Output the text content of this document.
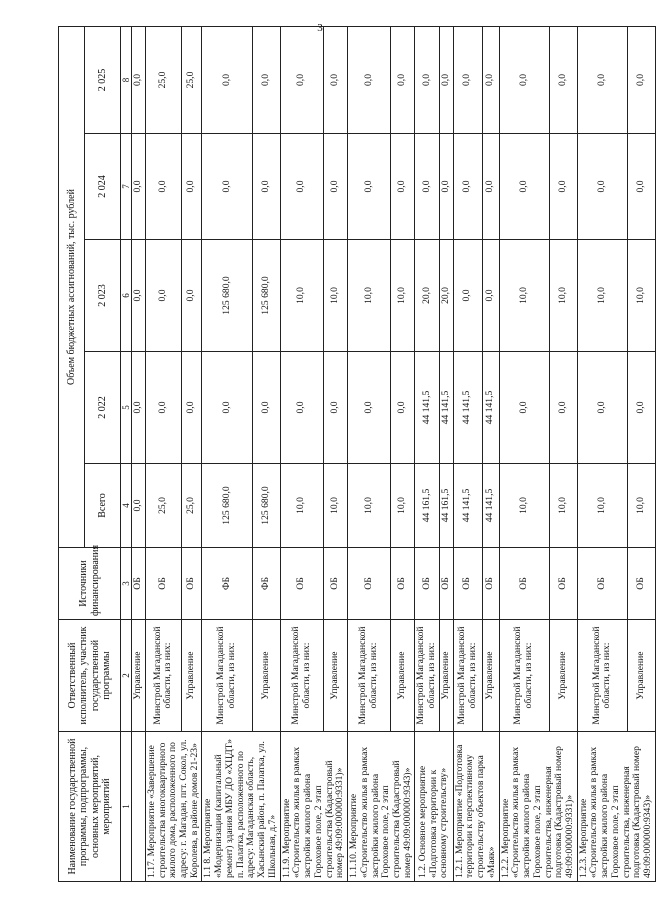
3
Наименование государственной программы, подпрограммы, основных мероприятий, мероприятий	Ответственный исполнитель, участник государственной программы	Источники финансирования	Объем бюджетных ассигнований, тыс. рублей				
			Всего	2 022	2 023	2 024	2 025
1	2	3	4	5	6	7	8
	Управление	ОБ	0,0	0,0	0,0	0,0	0,0
1.17. Мероприятие «Завершение строительства многоквартирного жилого дома, расположенного по адресу: г. Магадан, пгт. Сокол, ул. Королева, в районе домов 21-23»	Минстрой Магаданской области, из них:	ОБ	25,0	0,0	0,0	0,0	25,0
	Управление	ОБ	25,0	0,0	0,0	0,0	25,0
1.1 8. Мероприятие «Модернизация (капитальный ремонт) здания МБУ ДО «ХЦДТ» п. Палатка, расположенного по адресу: Магаданская область, Хасынский район, п. Палатка, ул. Школьная, д.7»	Минстрой Магаданской области, из них:	ФБ	125 680,0	0,0	125 680,0	0,0	0,0
	Управление	ФБ	125 680,0	0,0	125 680,0	0,0	0,0
1.1.9. Мероприятие «Строительство жилья в рамках застройки жилого района Гороховое поле, 2 этап строительства (Кадастровый номер 49:09:000000:9331)»	Минстрой Магаданской области, из них:	ОБ	10,0	0,0	10,0	0,0	0,0
	Управление	ОБ	10,0	0,0	10,0	0,0	0,0
1.1.10. Мероприятие «Строительство жилья в рамках застройки жилого района Гороховое поле, 2 этап строительства (Кадастровый номер 49:09:000000:9343)»	Минстрой Магаданской области, из них:	ОБ	10,0	0,0	10,0	0,0	0,0
	Управление	ОБ	10,0	0,0	10,0	0,0	0,0
1.2. Основное мероприятие «Подготовка территории к основному строительству»	Минстрой Магаданской области, из них:	ОБ	44 161,5	44 141,5	20,0	0,0	0,0
	Управление	ОБ	44 161,5	44 141,5	20,0	0,0	0,0
1.2.1. Мероприятие «Подготовка территории к перспективному строительству объектов парка «Маяк»	Минстрой Магаданской области, из них:	ОБ	44 141,5	44 141,5	0,0	0,0	0,0
	Управление	ОБ	44 141,5	44 141,5	0,0	0,0	0,0
1.2.2. Мероприятие «Строительство жилья в рамках застройки жилого района Гороховое поле, 2 этап строительства, инженерная подготовка (Кадастровый номер 49:09:000000:9331)»	Минстрой Магаданской области, из них:	ОБ	10,0	0,0	10,0	0,0	0,0
	Управление	ОБ	10,0	0,0	10,0	0,0	0,0
1.2.3. Мероприятие «Строительство жилья в рамках застройки жилого района Гороховое поле, 2 этап строительства, инженерная подготовка (Кадастровый номер 49:09:000000:9343)»	Минстрой Магаданской области, из них:	ОБ	10,0	0,0	10,0	0,0	0,0
	Управление	ОБ	10,0	0,0	10,0	0,0	0,0
